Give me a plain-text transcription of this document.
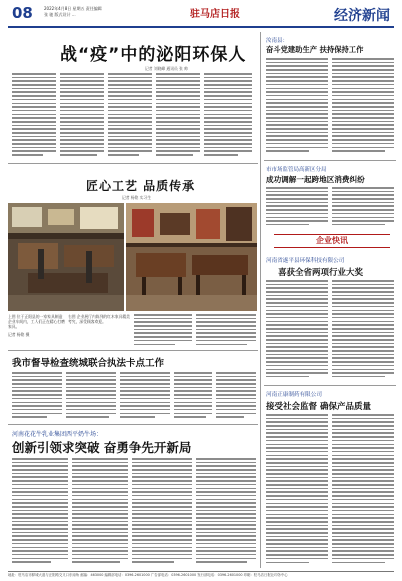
08	2022年4月8日 星期五 责任编辑 张 驰 版式设计 ...	驻马店日报	经济新闻
战“疫”中的泌阳环保人
记者 刘晓峰 通讯员 张 帅
匠心工艺 品质传承
记者 杨铭 实习生
上图 位于正阳县的一家家具制造企业车间内，工人们正在精心打磨家具。
右图 企业展厅内陈列的红木家具精美考究，深受顾客欢迎。
记者 杨铭 摄
我市督导检查统城联合执法卡点工作
河南花花牛乳业集团西平奶牛场：
创新引领求突破 奋勇争先开新局
汝南县：
奋斗党建助生产 扶持保持工作
市市场监管局高新区分局
成功调解一起跨地区消费纠纷
企业快讯
河南省遂平县环保科技有限公司
喜获全省两项行业大奖
河南正康制药有限公司
接受社会监督 确保产品质量
地址：驻马店市驿城大道与正阳路交叉口东南角 邮编：463000 编辑部电话：0396-2601000 广告部电话：0396-2601000 发行部电话：0396-2601000 印刷：驻马店日报社印务中心
